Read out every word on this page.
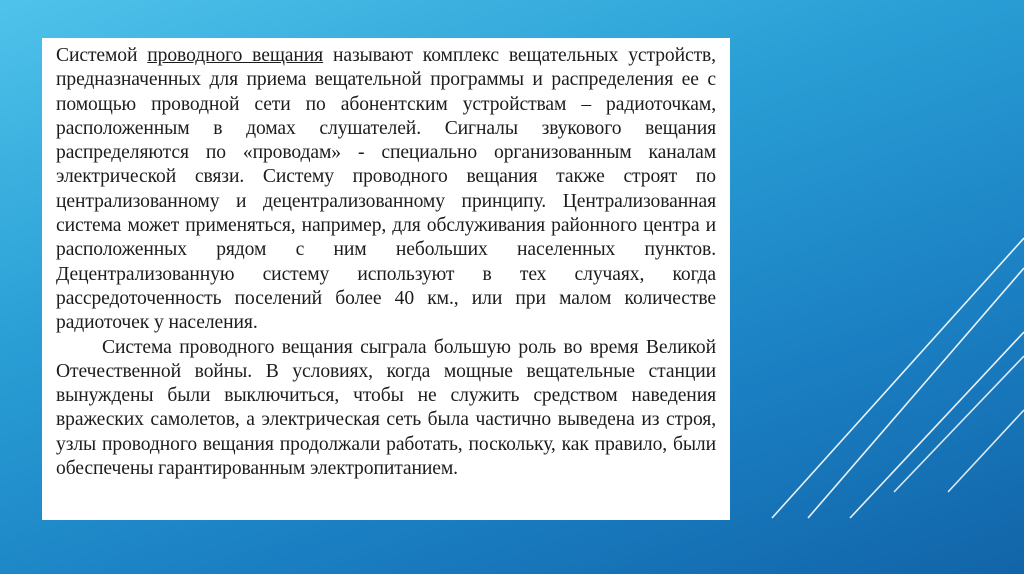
Системой проводного вещания называют комплекс вещательных устройств, предназначенных для приема вещательной программы и распределения ее с помощью проводной сети по абонентским устройствам – радиоточкам, расположенным в домах слушателей. Сигналы звукового вещания распределяются по «проводам» - специально организованным каналам электрической связи. Систему проводного вещания также строят по централизованному и децентрализованному принципу. Централизованная система может применяться, например, для обслуживания районного центра и расположенных рядом с ним небольших населенных пунктов. Децентрализованную систему используют в тех случаях, когда рассредоточенность поселений более 40 км., или при малом количестве радиоточек у населения.

Система проводного вещания сыграла большую роль во время Великой Отечественной войны. В условиях, когда мощные вещательные станции вынуждены были выключиться, чтобы не служить средством наведения вражеских самолетов, а электрическая сеть была частично выведена из строя, узлы проводного вещания продолжали работать, поскольку, как правило, были обеспечены гарантированным электропитанием.
